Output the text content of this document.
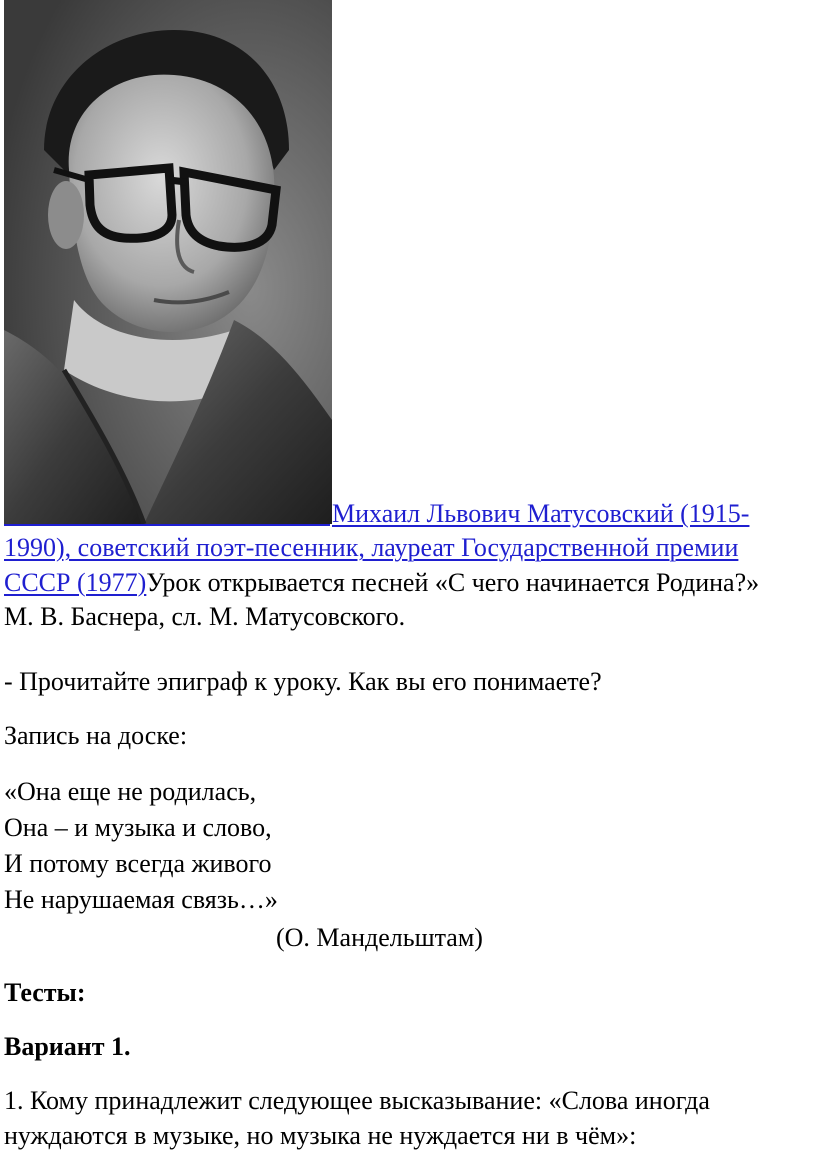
Михаил Львович Матусовский (1915-

1990), советский поэт-песенник, лауреат Государственной премии
СССР (1977)Урок открывается песней «С чего начинается Родина?»
М. В. Баснера, сл. М. Матусовского.

- Прочитайте эпиграф к уроку. Как вы его понимаете?

Запись на доске:

«Она еще не родилась,
Она – и музыка и слово,
И потому всегда живого
Не нарушаемая связь…»
(О. Мандельштам)

Тесты:

Вариант 1.

1. Кому принадлежит следующее высказывание: «Слова иногда
нуждаются в музыке, но музыка не нуждается ни в чём»:
